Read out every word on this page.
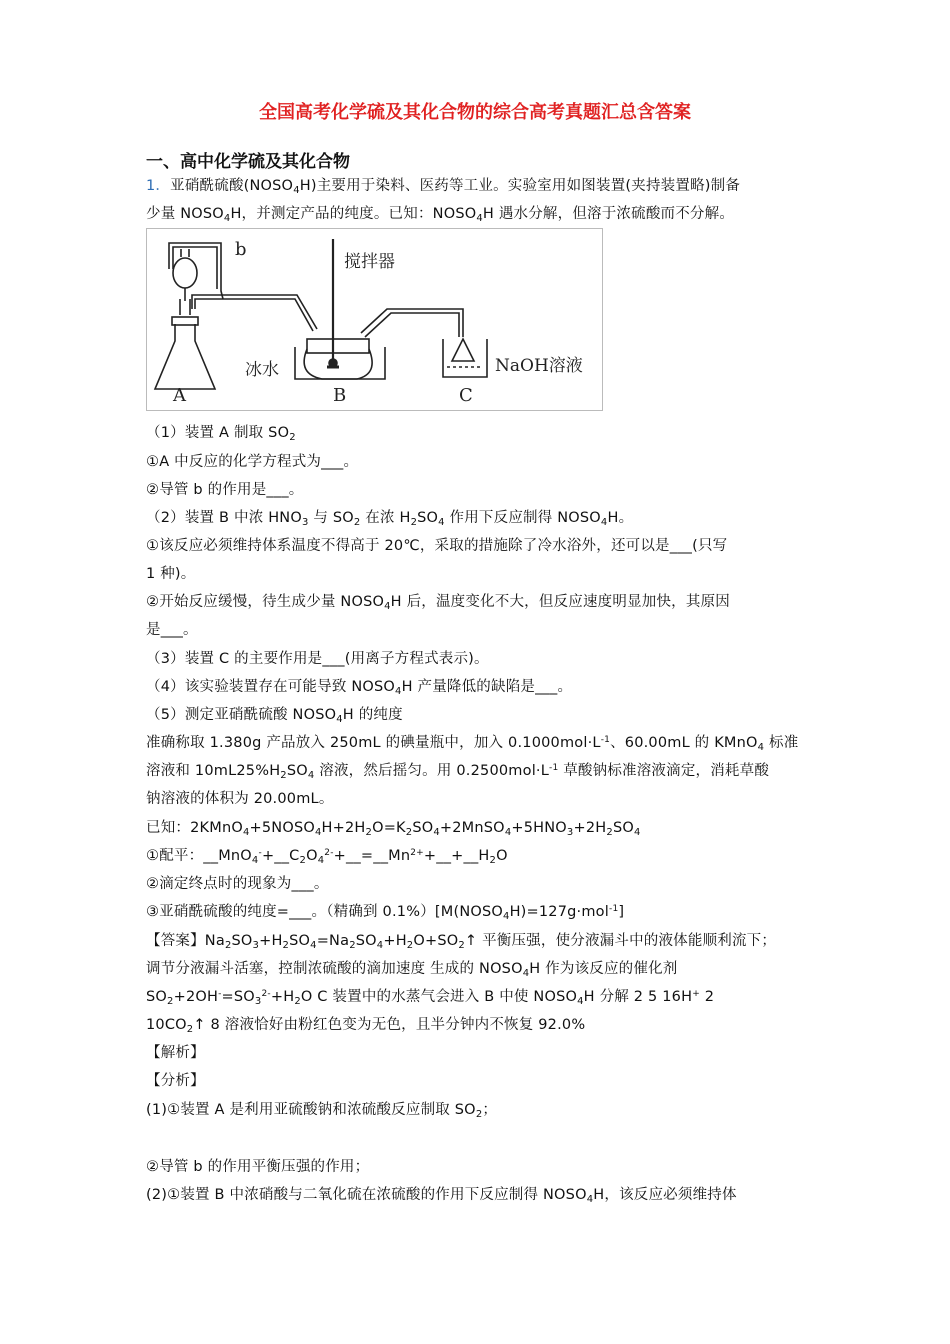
全国高考化学硫及其化合物的综合高考真题汇总含答案
一、高中化学硫及其化合物
1．亚硝酰硫酸$(NOSO_4H)$主要用于染料、医药等工业。实验室用如图装置(夹持装置略)制备
少量 $NOSO_4H$，并测定产品的纯度。已知：$NOSO_4H$ 遇水分解，但溶于浓硫酸而不分解。
b
搅拌器
冰水	NaOH溶液
A	B	C
（1）装置 A 制取 $SO_2$
①A 中反应的化学方程式为___。
②导管 b 的作用是___。
（2）装置 B 中浓 $HNO_3$ 与 $SO_2$ 在浓 $H_2SO_4$ 作用下反应制得 $NOSO_4H$。
①该反应必须维持体系温度不得高于 20℃，采取的措施除了冷水浴外，还可以是___(只写
1 种)。
②开始反应缓慢，待生成少量 $NOSO_4H$ 后，温度变化不大，但反应速度明显加快，其原因
是___。
（3）装置 C 的主要作用是___(用离子方程式表示)。
（4）该实验装置存在可能导致 $NOSO_4H$ 产量降低的缺陷是___。
（5）测定亚硝酰硫酸 $NOSO_4H$ 的纯度
准确称取 1.380g 产品放入 250mL 的碘量瓶中，加入 $0.1000mol\cdot L^{-1}$、60.00mL 的 KMnO$_4$ 标准
溶液和 $10mL25\%H_2SO_4$ 溶液，然后摇匀。用 $0.2500mol\cdot L^{-1}$ 草酸钠标准溶液滴定，消耗草酸
钠溶液的体积为 20.00mL。
已知：$2KMnO_4+5NOSO_4H+2H_2O=K_2SO_4+2MnSO_4+5HNO_3+2H_2SO_4$
①配平：$\_\_MnO_4^-+\_\_C_2O_4^{2-}+\_\_=\_\_Mn^{2+}+\_\_+\_\_H_2O$
②滴定终点时的现象为___。
③亚硝酰硫酸的纯度=___。（精确到 $0.1\%)[M(NOSO_4H)=127g\cdot mol^{-1}]$
【答案】$Na_2SO_3+H_2SO_4=Na_2SO_4+H_2O+SO_2↑$ 平衡压强，使分液漏斗中的液体能顺利流下；
调节分液漏斗活塞，控制浓硫酸的滴加速度 生成的 $NOSO_4H$ 作为该反应的催化剂
$SO_2+2OH^-=SO_3^{2-}+H_2O$ C 装置中的水蒸气会进入 B 中使 $NOSO_4H$ 分解 2 5 16H+ 2
$10CO_2↑$ 8 溶液恰好由粉红色变为无色，且半分钟内不恢复 92.0%
【解析】
【分析】
(1)①装置 A 是利用亚硫酸钠和浓硫酸反应制取 $SO_2$；
②导管 b 的作用平衡压强的作用；
(2)①装置 B 中浓硝酸与二氧化硫在浓硫酸的作用下反应制得 $NOSO_4H$，该反应必须维持体
